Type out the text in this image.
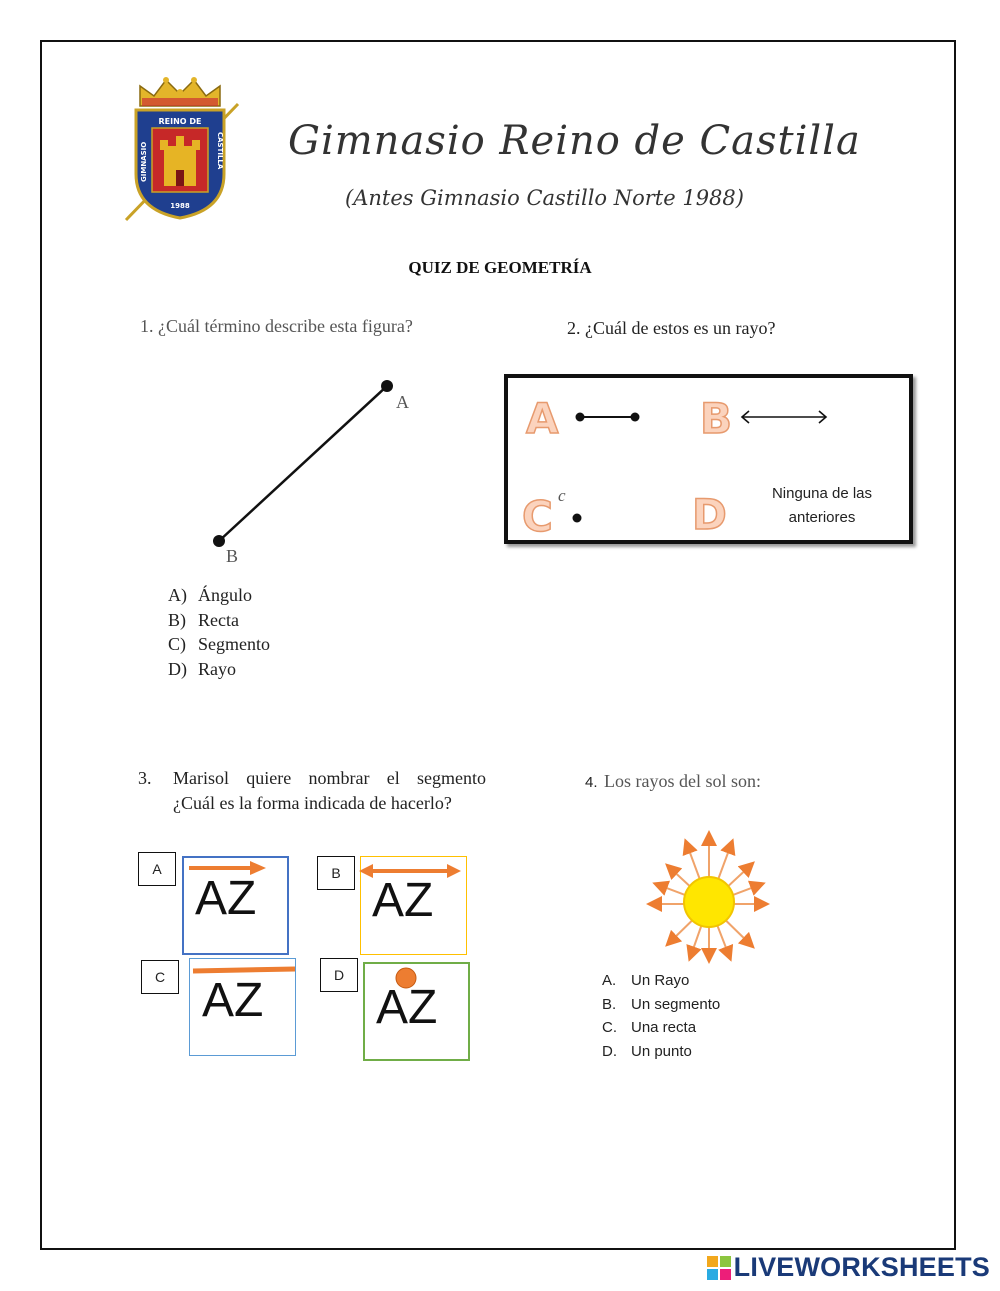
REINO DE
1988
CASTILLA
GIMNASIO	Gimnasio Reino de Castilla
(Antes Gimnasio Castillo Norte 1988)
QUIZ DE GEOMETRÍA
1. ¿Cuál término describe esta figura?
A
B
A) Ángulo
B) Recta
C) Segmento
D) Rayo
2. ¿Cuál de estos es un rayo?
A	B
C c	D	Ninguna de las
anteriores
3. Marisol quiere nombrar el segmento
¿Cuál es la forma indicada de hacerlo?
AZ
A
AZ
B
AZ
C
AZ
D
4. Los rayos del sol son:
A. Un Rayo
B. Un segmento
C. Una recta
D. Un punto
LIVEWORKSHEETS
